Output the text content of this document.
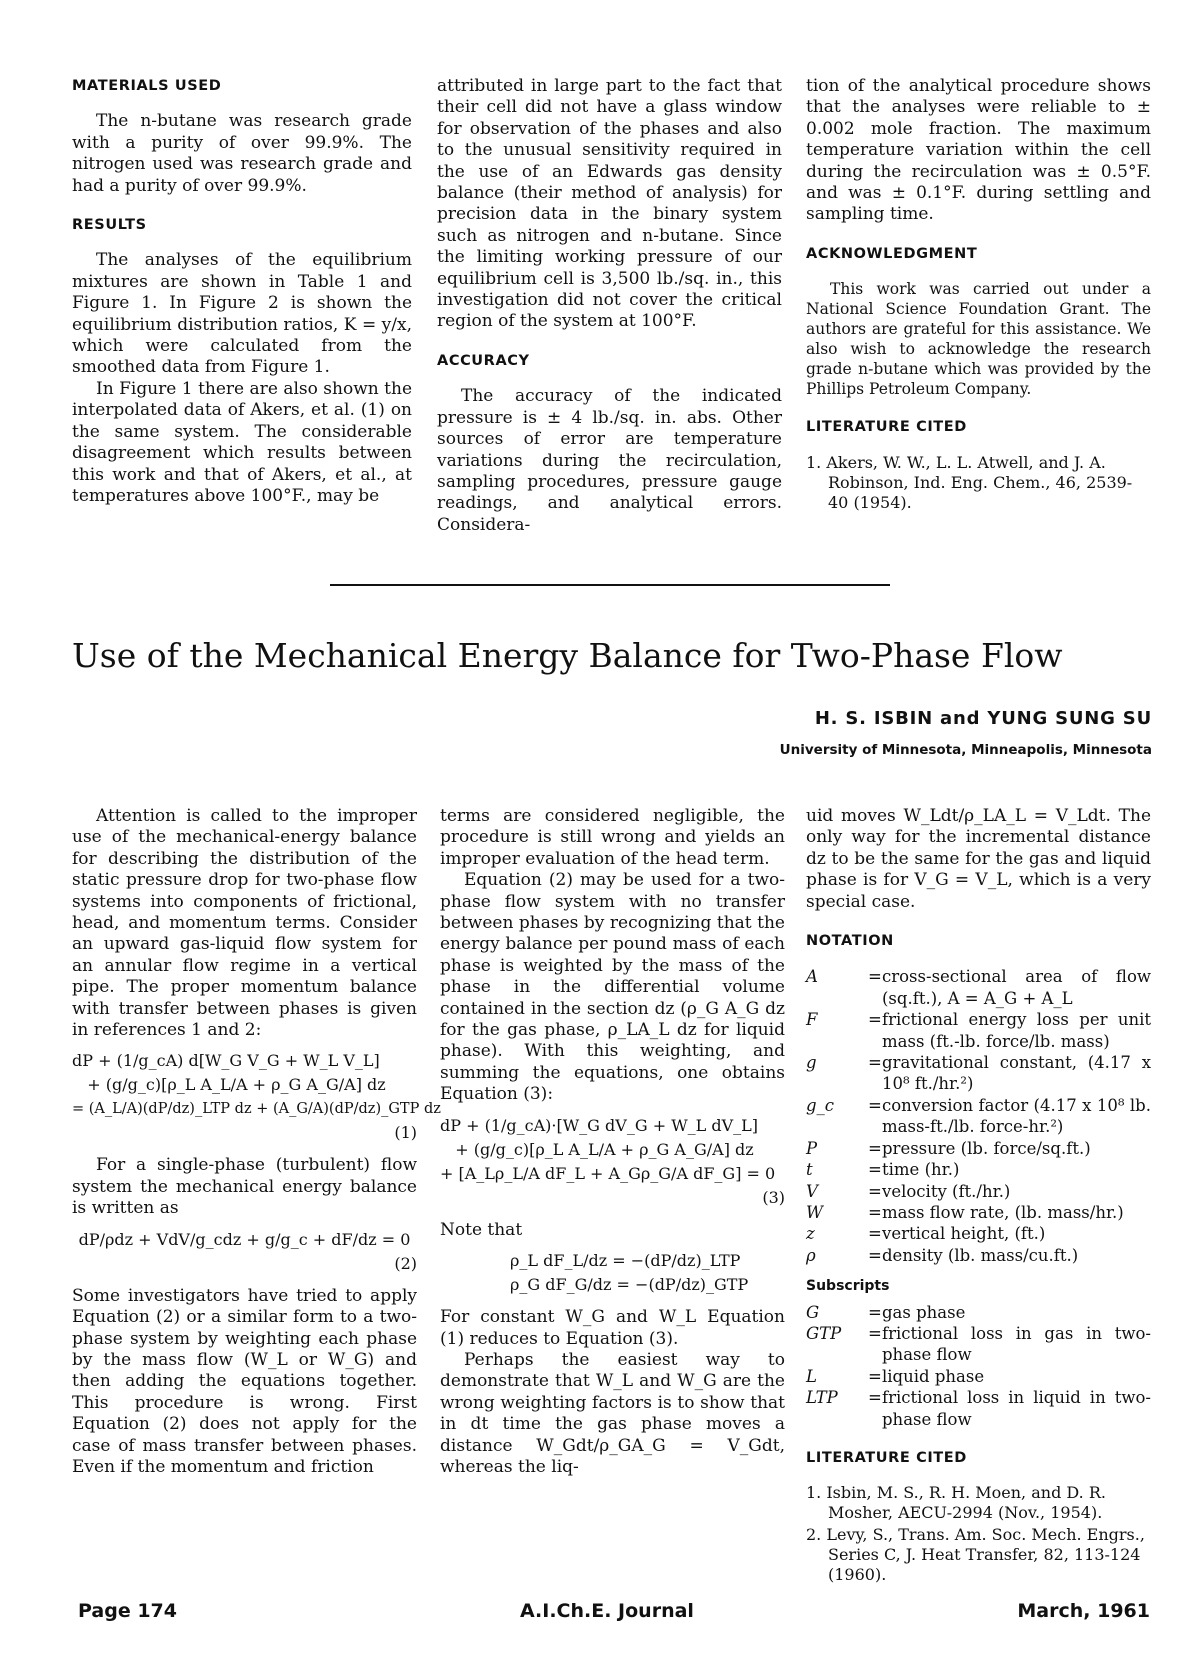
MATERIALS USED

The n-butane was research grade with a purity of over 99.9%. The nitrogen used was research grade and had a purity of over 99.9%.

RESULTS

The analyses of the equilibrium mixtures are shown in Table 1 and Figure 1. In Figure 2 is shown the equilibrium distribution ratios, K = y/x, which were calculated from the smoothed data from Figure 1.

In Figure 1 there are also shown the interpolated data of Akers, et al. (1) on the same system. The considerable disagreement which results between this work and that of Akers, et al., at temperatures above 100°F., may be

attributed in large part to the fact that their cell did not have a glass window for observation of the phases and also to the unusual sensitivity required in the use of an Edwards gas density balance (their method of analysis) for precision data in the binary system such as nitrogen and n-butane. Since the limiting working pressure of our equilibrium cell is 3,500 lb./sq. in., this investigation did not cover the critical region of the system at 100°F.

ACCURACY

The accuracy of the indicated pressure is ± 4 lb./sq. in. abs. Other sources of error are temperature variations during the recirculation, sampling procedures, pressure gauge readings, and analytical errors. Considera-

tion of the analytical procedure shows that the analyses were reliable to ± 0.002 mole fraction. The maximum temperature variation within the cell during the recirculation was ± 0.5°F. and was ± 0.1°F. during settling and sampling time.

ACKNOWLEDGMENT

This work was carried out under a National Science Foundation Grant. The authors are grateful for this assistance. We also wish to acknowledge the research grade n-butane which was provided by the Phillips Petroleum Company.

LITERATURE CITED
1. Akers, W. W., L. L. Atwell, and J. A. Robinson, Ind. Eng. Chem., 46, 2539-40 (1954).
Use of the Mechanical Energy Balance for Two-Phase Flow
H. S. ISBIN and YUNG SUNG SU
University of Minnesota, Minneapolis, Minnesota

Attention is called to the improper use of the mechanical-energy balance for describing the distribution of the static pressure drop for two-phase flow systems into components of frictional, head, and momentum terms. Consider an upward gas-liquid flow system for an annular flow regime in a vertical pipe. The proper momentum balance with transfer between phases is given in references 1 and 2:

dP + (1/g_cA) d[W_G V_G + W_L V_L]
+ (g/g_c)[ρ_L A_L/A + ρ_G A_G/A] dz
= (A_L/A)(dP/dz)_LTP dz + (A_G/A)(dP/dz)_GTP dz
(1)

For a single-phase (turbulent) flow system the mechanical energy balance is written as

dP/ρdz + VdV/g_cdz + g/g_c + dF/dz = 0
(2)

Some investigators have tried to apply Equation (2) or a similar form to a two-phase system by weighting each phase by the mass flow (W_L or W_G) and then adding the equations together. This procedure is wrong. First Equation (2) does not apply for the case of mass transfer between phases. Even if the momentum and friction

terms are considered negligible, the procedure is still wrong and yields an improper evaluation of the head term.

Equation (2) may be used for a two-phase flow system with no transfer between phases by recognizing that the energy balance per pound mass of each phase is weighted by the mass of the phase in the differential volume contained in the section dz (ρ_G A_G dz for the gas phase, ρ_LA_L dz for liquid phase). With this weighting, and summing the equations, one obtains Equation (3):

dP + (1/g_cA)·[W_G dV_G + W_L dV_L]
+ (g/g_c)[ρ_L A_L/A + ρ_G A_G/A] dz
+ [A_Lρ_L/A dF_L + A_Gρ_G/A dF_G] = 0
(3)

Note that

ρ_L dF_L/dz = −(dP/dz)_LTP
ρ_G dF_G/dz = −(dP/dz)_GTP

For constant W_G and W_L Equation (1) reduces to Equation (3).

Perhaps the easiest way to demonstrate that W_L and W_G are the wrong weighting factors is to show that in dt time the gas phase moves a distance W_Gdt/ρ_GA_G = V_Gdt, whereas the liq-

uid moves W_Ldt/ρ_LA_L = V_Ldt. The only way for the incremental distance dz to be the same for the gas and liquid phase is for V_G = V_L, which is a very special case.

NOTATION
A	=	cross-sectional area of flow (sq.ft.), A = A_G + A_L
F	=	frictional energy loss per unit mass (ft.-lb. force/lb. mass)
g	=	gravitational constant, (4.17 x 10⁸ ft./hr.²)
g_c	=	conversion factor (4.17 x 10⁸ lb. mass-ft./lb. force-hr.²)
P	=	pressure (lb. force/sq.ft.)
t	=	time (hr.)
V	=	velocity (ft./hr.)
W	=	mass flow rate, (lb. mass/hr.)
z	=	vertical height, (ft.)
ρ	=	density (lb. mass/cu.ft.)
Subscripts
G	=	gas phase
GTP	=	frictional loss in gas in two-phase flow
L	=	liquid phase
LTP	=	frictional loss in liquid in two-phase flow
LITERATURE CITED
1. Isbin, M. S., R. H. Moen, and D. R. Mosher, AECU-2994 (Nov., 1954).
2. Levy, S., Trans. Am. Soc. Mech. Engrs., Series C, J. Heat Transfer, 82, 113-124 (1960).
Page 174	A.I.Ch.E. Journal	March, 1961
